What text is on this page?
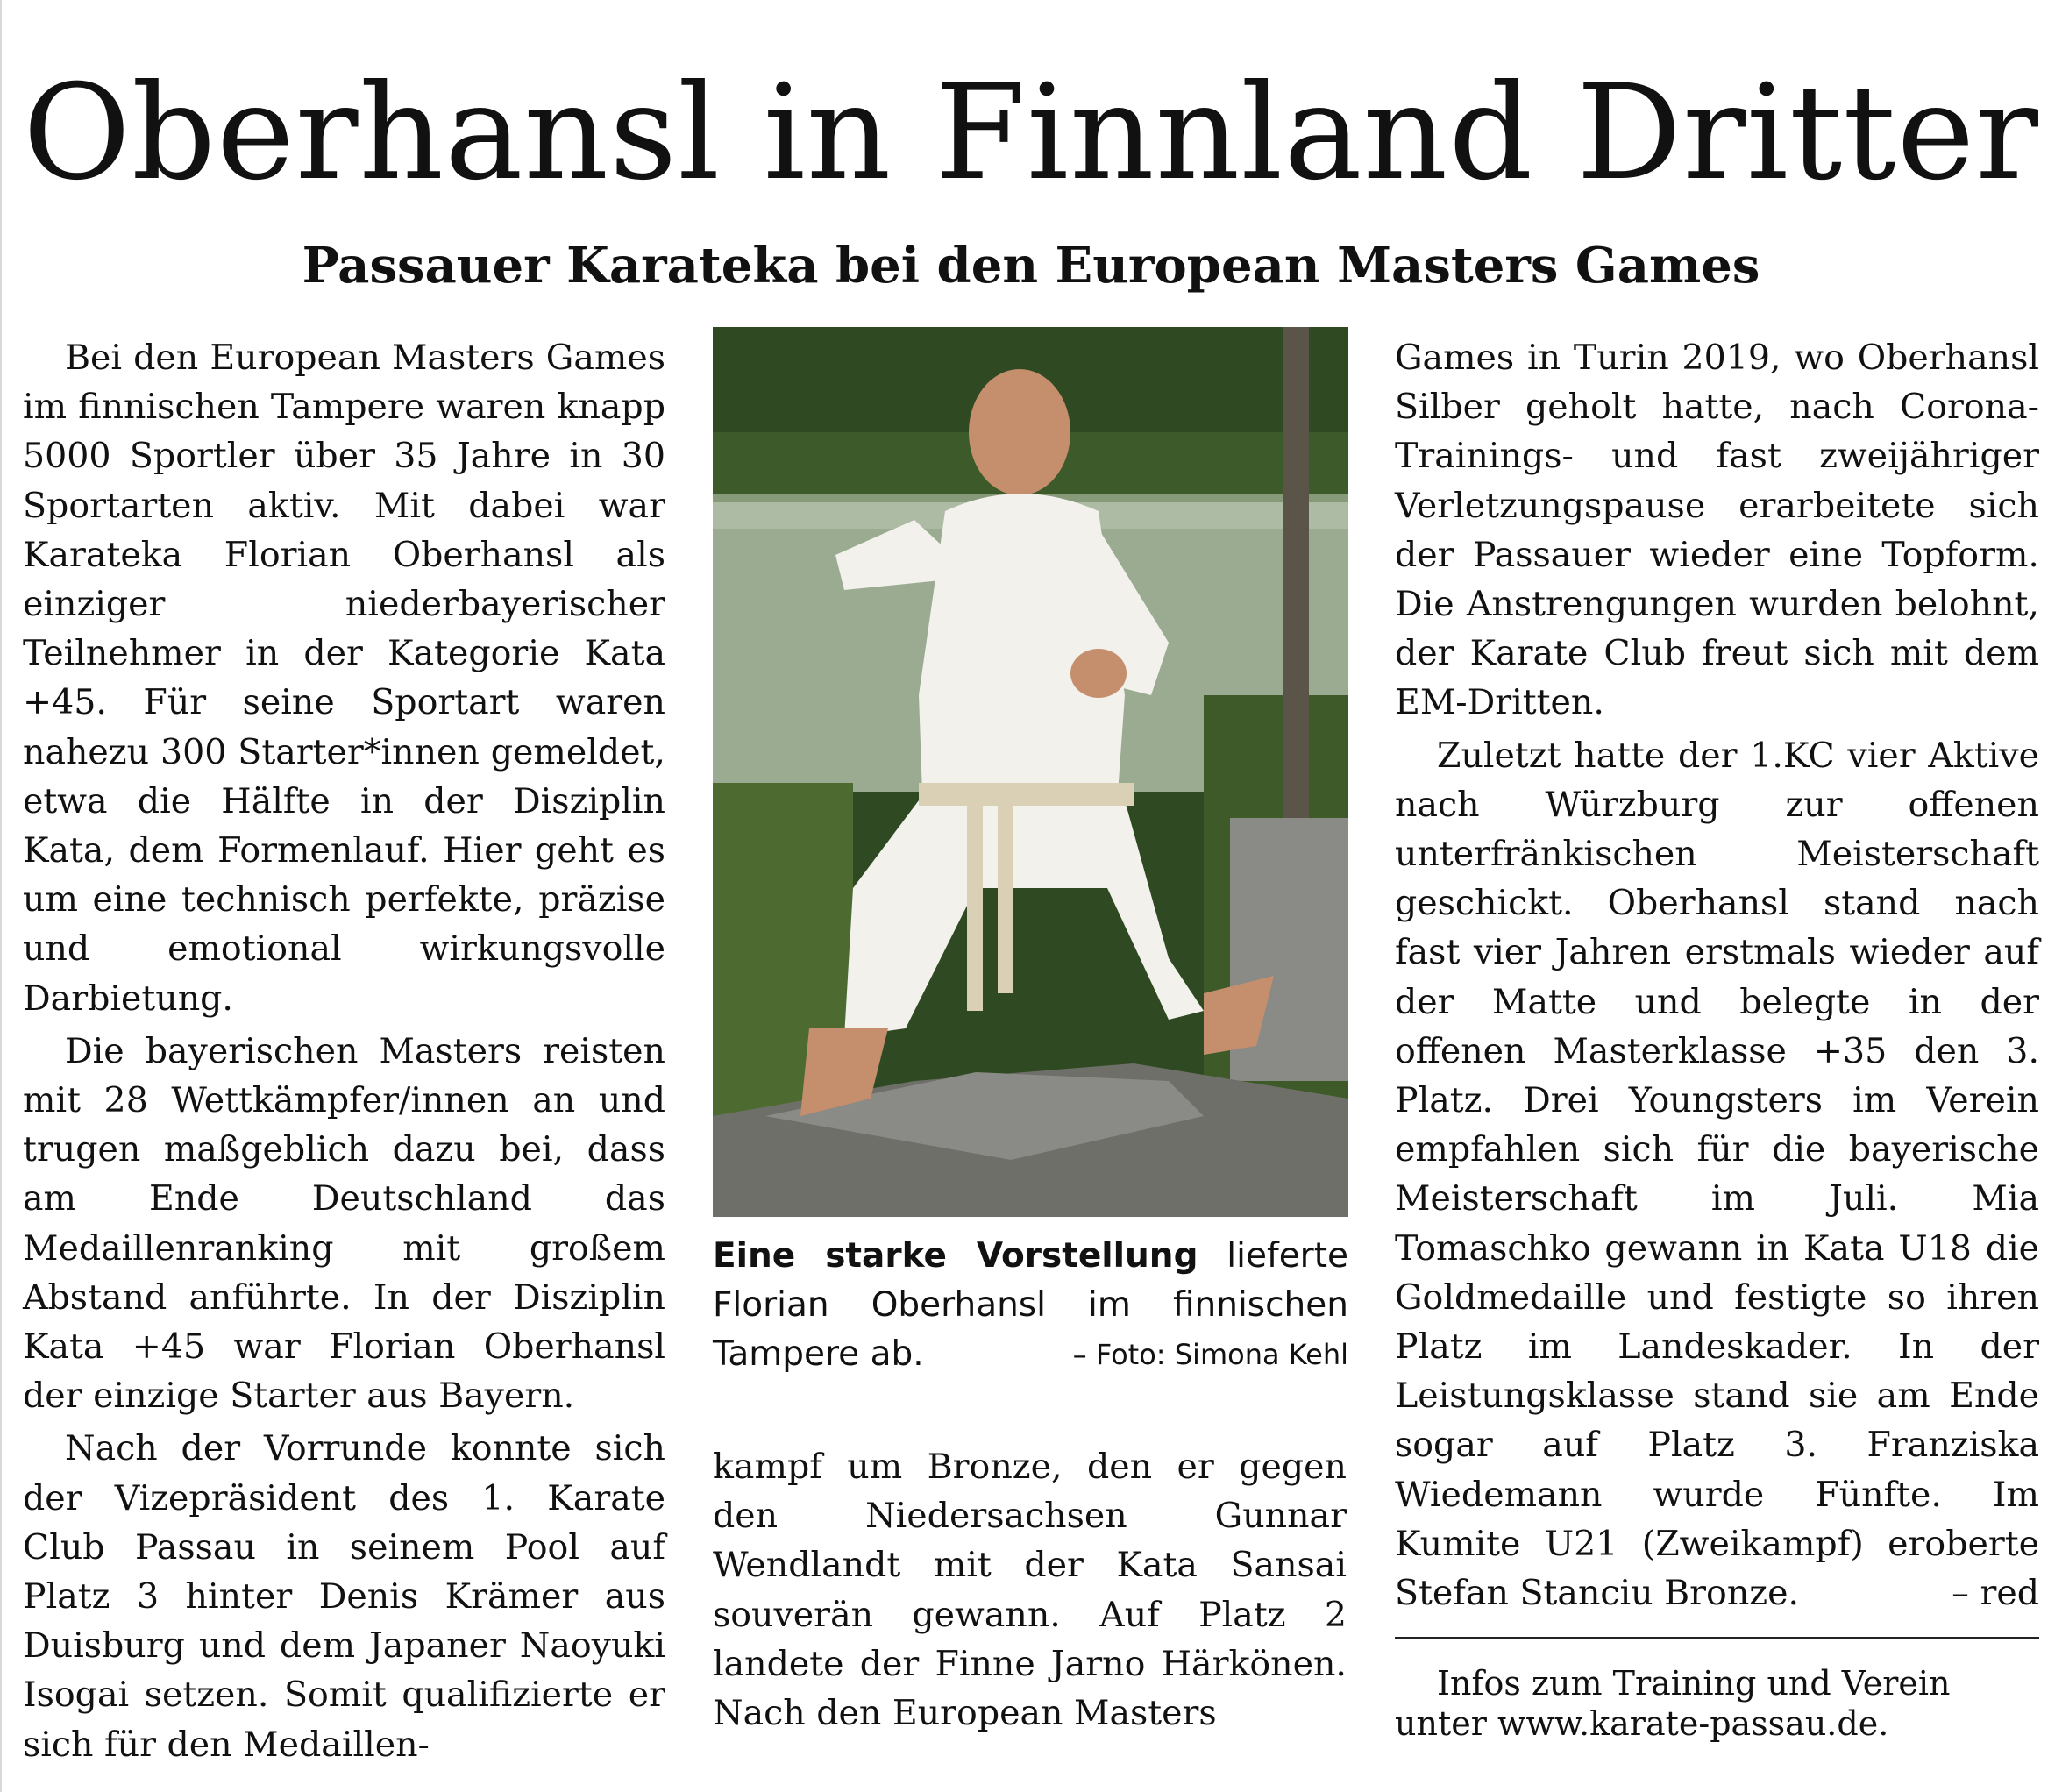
Oberhansl in Finnland Dritter
Passauer Karateka bei den European Masters Games

Bei den European Masters Games im finnischen Tampere waren knapp 5000 Sportler über 35 Jahre in 30 Sportarten aktiv. Mit dabei war Karateka Florian Oberhansl als einziger niederbayerischer Teilnehmer in der Kategorie Kata +45. Für seine Sportart waren nahezu 300 Starter*innen gemeldet, etwa die Hälfte in der Disziplin Kata, dem Formenlauf. Hier geht es um eine technisch perfekte, präzise und emotional wirkungsvolle Darbietung.

Die bayerischen Masters reisten mit 28 Wettkämpfer/innen an und trugen maßgeblich dazu bei, dass am Ende Deutschland das Medaillenranking mit großem Abstand anführte. In der Disziplin Kata +45 war Florian Oberhansl der einzige Starter aus Bayern.

Nach der Vorrunde konnte sich der Vizepräsident des 1. Karate Club Passau in seinem Pool auf Platz 3 hinter Denis Krämer aus Duisburg und dem Japaner Naoyuki Isogai setzen. Somit qualifizierte er sich für den Medaillen-

Eine starke Vorstellung lieferte Florian Oberhansl im finnischen Tampere ab.	– Foto: Simona Kehl

kampf um Bronze, den er gegen den Niedersachsen Gunnar Wendlandt mit der Kata Sansai souverän gewann. Auf Platz 2 landete der Finne Jarno Härkönen. Nach den European Masters

Games in Turin 2019, wo Oberhansl Silber geholt hatte, nach Corona-Trainings- und fast zweijähriger Verletzungspause erarbeitete sich der Passauer wieder eine Topform. Die Anstrengungen wurden belohnt, der Karate Club freut sich mit dem EM-Dritten.

Zuletzt hatte der 1.KC vier Aktive nach Würzburg zur offenen unterfränkischen Meisterschaft geschickt. Oberhansl stand nach fast vier Jahren erstmals wieder auf der Matte und belegte in der offenen Masterklasse +35 den 3. Platz. Drei Youngsters im Verein empfahlen sich für die bayerische Meisterschaft im Juli. Mia Tomaschko gewann in Kata U18 die Goldmedaille und festigte so ihren Platz im Landeskader. In der Leistungsklasse stand sie am Ende sogar auf Platz 3. Franziska Wiedemann wurde Fünfte. Im Kumite U21 (Zweikampf) eroberte Stefan Stanciu Bronze.	– red

Infos zum Training und Verein
unter www.karate-passau.de.
